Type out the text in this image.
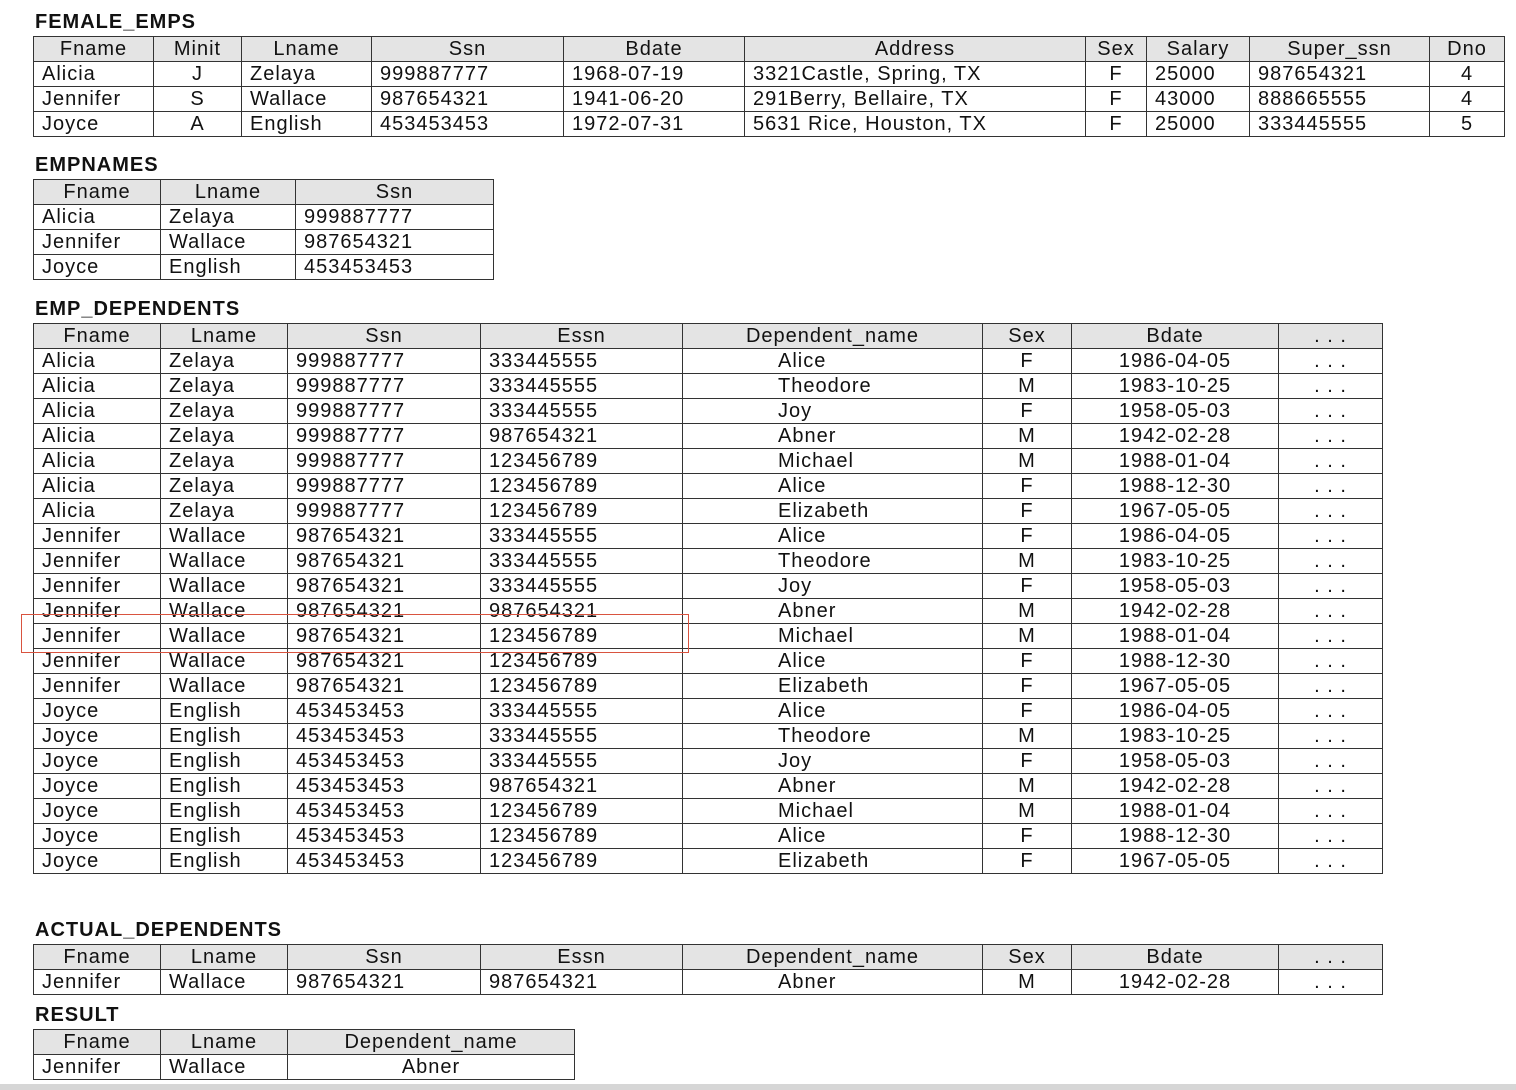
FEMALE_EMPS
Fname	Minit	Lname	Ssn	Bdate	Address	Sex	Salary	Super_ssn	Dno
Alicia	J	Zelaya	999887777	1968-07-19	3321Castle, Spring, TX	F	25000	987654321	4
Jennifer	S	Wallace	987654321	1941-06-20	291Berry, Bellaire, TX	F	43000	888665555	4
Joyce	A	English	453453453	1972-07-31	5631 Rice, Houston, TX	F	25000	333445555	5
EMPNAMES
Fname	Lname	Ssn
Alicia	Zelaya	999887777
Jennifer	Wallace	987654321
Joyce	English	453453453
EMP_DEPENDENTS
Fname	Lname	Ssn	Essn	Dependent_name	Sex	Bdate	. . .
Alicia	Zelaya	999887777	333445555	Alice	F	1986-04-05	. . .
Alicia	Zelaya	999887777	333445555	Theodore	M	1983-10-25	. . .
Alicia	Zelaya	999887777	333445555	Joy	F	1958-05-03	. . .
Alicia	Zelaya	999887777	987654321	Abner	M	1942-02-28	. . .
Alicia	Zelaya	999887777	123456789	Michael	M	1988-01-04	. . .
Alicia	Zelaya	999887777	123456789	Alice	F	1988-12-30	. . .
Alicia	Zelaya	999887777	123456789	Elizabeth	F	1967-05-05	. . .
Jennifer	Wallace	987654321	333445555	Alice	F	1986-04-05	. . .
Jennifer	Wallace	987654321	333445555	Theodore	M	1983-10-25	. . .
Jennifer	Wallace	987654321	333445555	Joy	F	1958-05-03	. . .
Jennifer	Wallace	987654321	987654321	Abner	M	1942-02-28	. . .
Jennifer	Wallace	987654321	123456789	Michael	M	1988-01-04	. . .
Jennifer	Wallace	987654321	123456789	Alice	F	1988-12-30	. . .
Jennifer	Wallace	987654321	123456789	Elizabeth	F	1967-05-05	. . .
Joyce	English	453453453	333445555	Alice	F	1986-04-05	. . .
Joyce	English	453453453	333445555	Theodore	M	1983-10-25	. . .
Joyce	English	453453453	333445555	Joy	F	1958-05-03	. . .
Joyce	English	453453453	987654321	Abner	M	1942-02-28	. . .
Joyce	English	453453453	123456789	Michael	M	1988-01-04	. . .
Joyce	English	453453453	123456789	Alice	F	1988-12-30	. . .
Joyce	English	453453453	123456789	Elizabeth	F	1967-05-05	. . .
ACTUAL_DEPENDENTS
Fname	Lname	Ssn	Essn	Dependent_name	Sex	Bdate	. . .
Jennifer	Wallace	987654321	987654321	Abner	M	1942-02-28	. . .
RESULT
Fname	Lname	Dependent_name
Jennifer	Wallace	Abner
